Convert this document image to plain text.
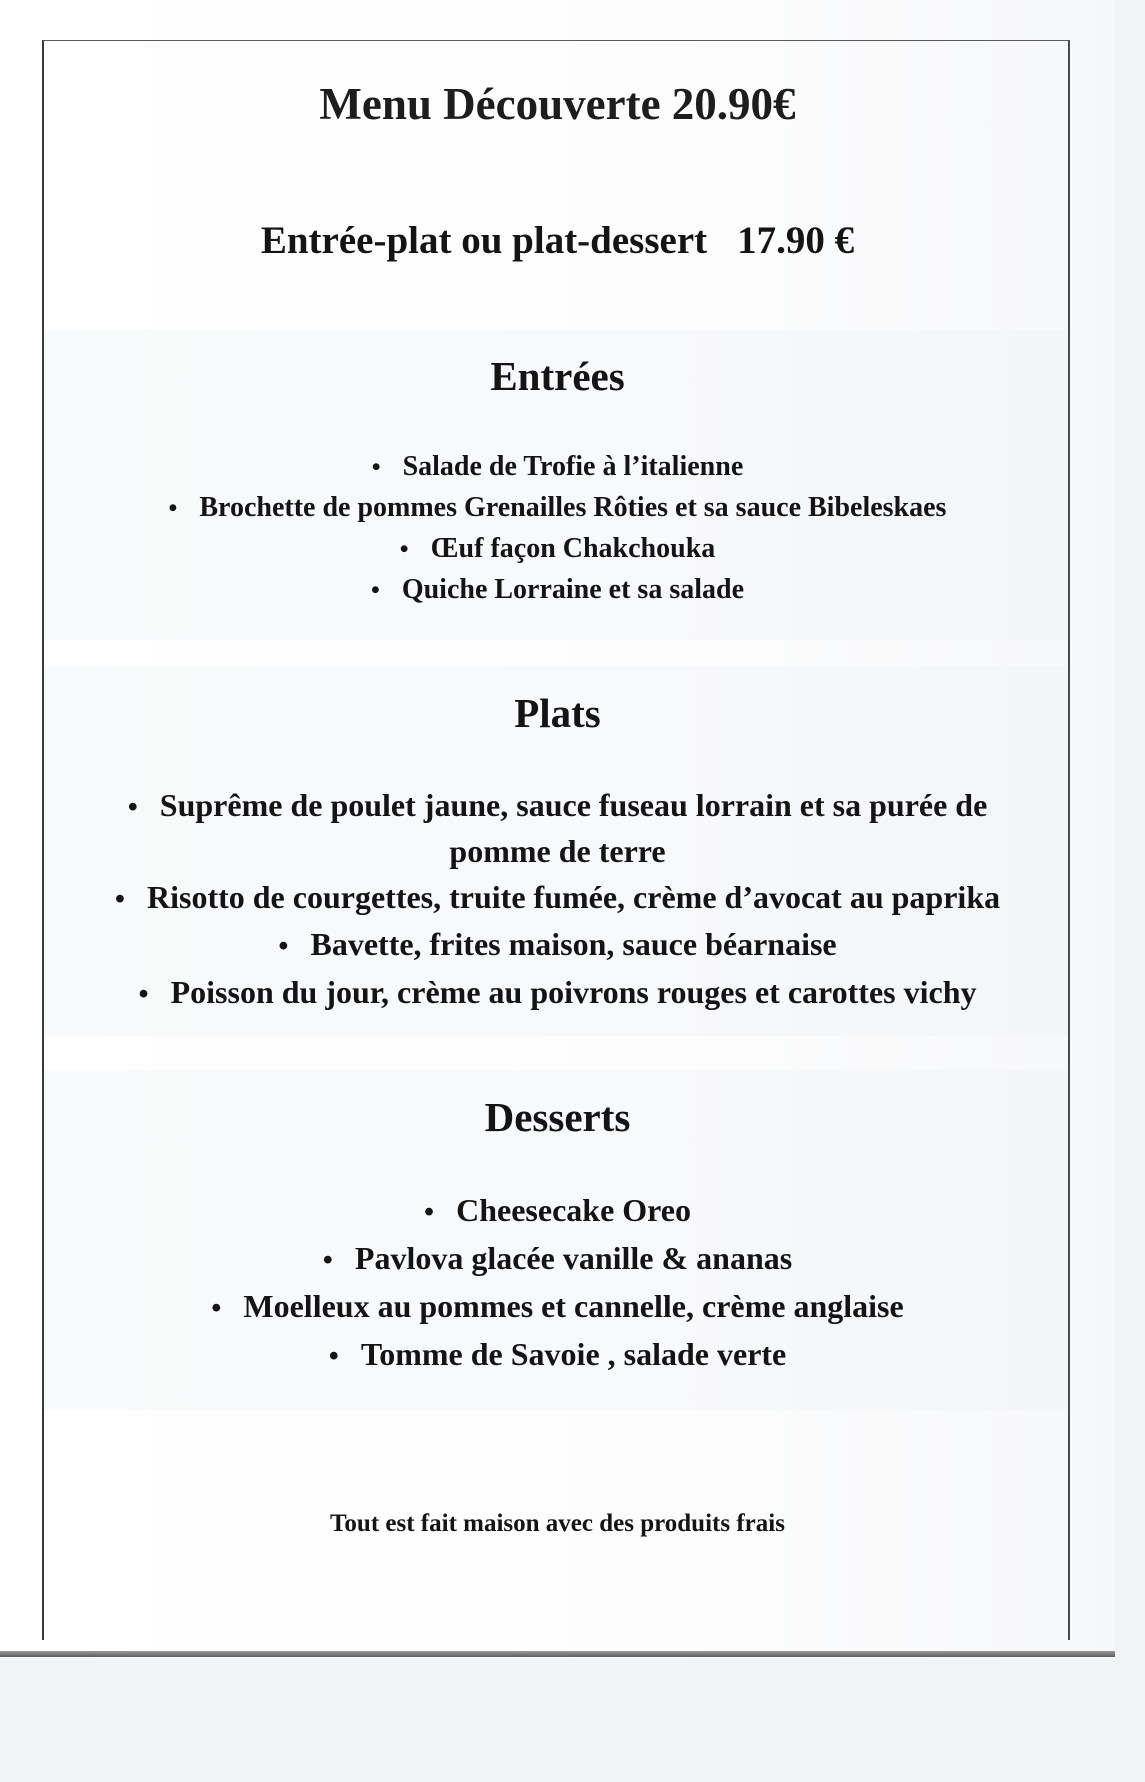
Menu Découverte 20.90€
Entrée-plat ou plat-dessert 17.90 €
Entrées
• Salade de Trofie à l’italienne
• Brochette de pommes Grenailles Rôties et sa sauce Bibeleskaes
• Œuf façon Chakchouka
• Quiche Lorraine et sa salade
Plats
• Suprême de poulet jaune, sauce fuseau lorrain et sa purée de
pomme de terre
• Risotto de courgettes, truite fumée, crème d’avocat au paprika
• Bavette, frites maison, sauce béarnaise
• Poisson du jour, crème au poivrons rouges et carottes vichy
Desserts
• Cheesecake Oreo
• Pavlova glacée vanille & ananas
• Moelleux au pommes et cannelle, crème anglaise
• Tomme de Savoie , salade verte
Tout est fait maison avec des produits frais
